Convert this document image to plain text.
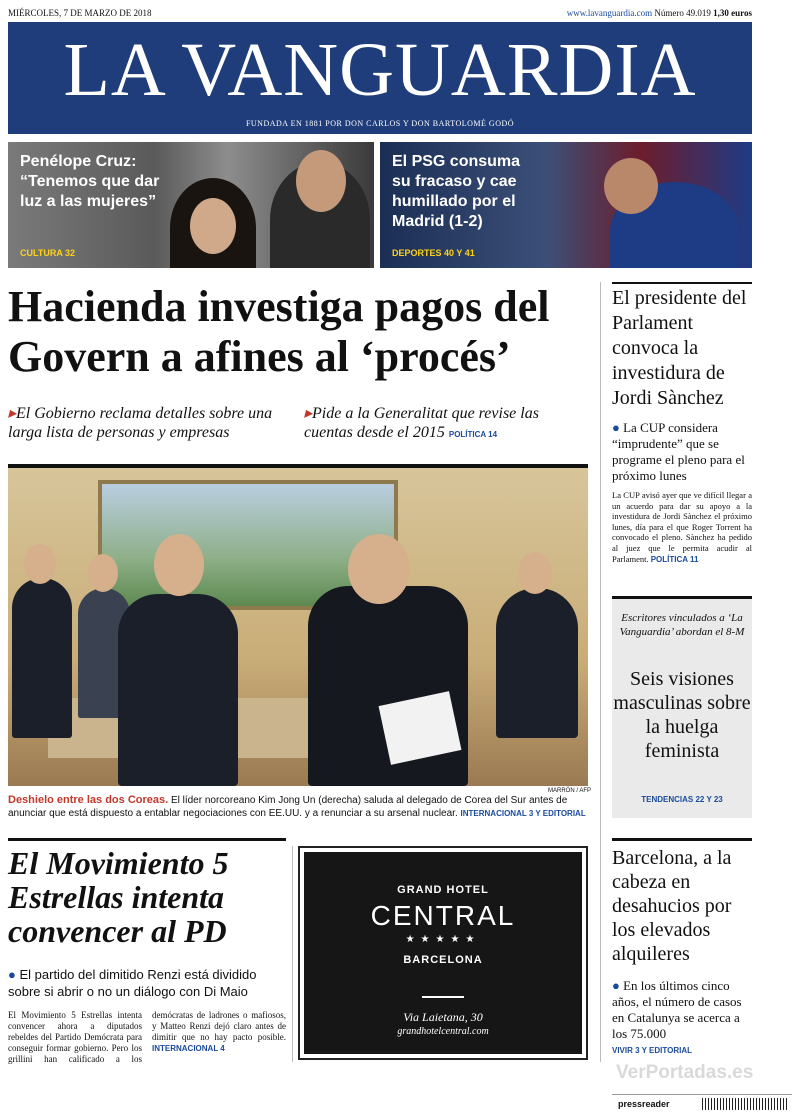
MIÉRCOLES, 7 DE MARZO DE 2018	www.lavanguardia.com Número 49.019 1,30 euros
LA VANGUARDIA
FUNDADA EN 1881 POR DON CARLOS Y DON BARTOLOMÉ GODÓ
Penélope Cruz: “Tenemos que dar luz a las mujeres”
CULTURA 32
El PSG consuma su fracaso y cae humillado por el Madrid (1-2)
DEPORTES 40 Y 41
Hacienda investiga pagos del Govern a afines al ‘procés’
▸El Gobierno reclama detalles sobre una larga lista de personas y empresas
▸Pide a la Generalitat que revise las cuentas desde el 2015 POLÍTICA 14
MARRÓN / AFP
Deshielo entre las dos Coreas. El líder norcoreano Kim Jong Un (derecha) saluda al delegado de Corea del Sur antes de anunciar que está dispuesto a entablar negociaciones con EE.UU. y a renunciar a su arsenal nuclear. INTERNACIONAL 3 Y EDITORIAL
El Movimiento 5 Estrellas intenta convencer al PD
● El partido del dimitido Renzi está dividido sobre si abrir o no un diálogo con Di Maio
El Movimiento 5 Estrellas intenta convencer ahora a diputados rebeldes del Partido Demócrata para conseguir formar gobierno. Pero los grillini han calificado a los demócratas de ladrones o mafiosos, y Matteo Renzi dejó claro antes de dimitir que no hay pacto posible. INTERNACIONAL 4
GRAND HOTEL
CENTRAL
★★★★★
BARCELONA
Via Laietana, 30
grandhotelcentral.com
El presidente del Parlament convoca la investidura de Jordi Sànchez
● La CUP considera “imprudente” que se programe el pleno para el próximo lunes
La CUP avisó ayer que ve difícil llegar a un acuerdo para dar su apoyo a la investidura de Jordi Sànchez el próximo lunes, día para el que Roger Torrent ha convocado el pleno. Sànchez ha pedido al juez que le permita acudir al Parlament. POLÍTICA 11
Escritores vinculados a ‘La Vanguardia’ abordan el 8-M
Seis visiones masculinas sobre la huelga feminista
TENDENCIAS 22 Y 23
Barcelona, a la cabeza en desahucios por los elevados alquileres
● En los últimos cinco años, el número de casos en Catalunya se acerca a los 75.000
VIVIR 3 Y EDITORIAL
VerPortadas.es
pressreader
